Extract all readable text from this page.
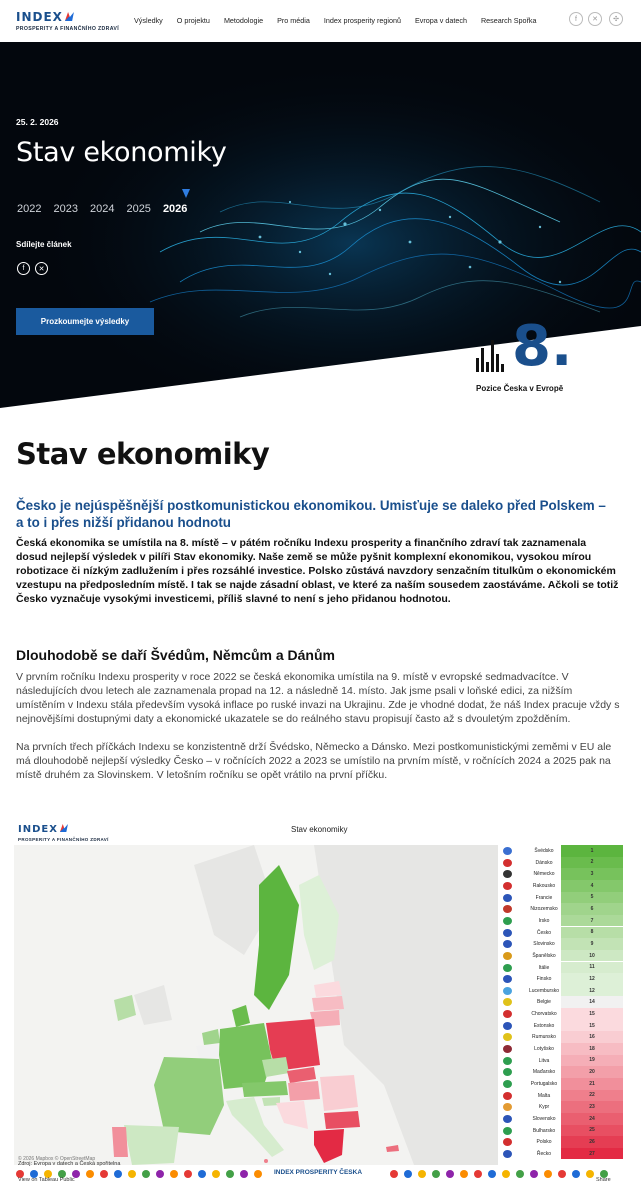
INDEX
PROSPERITY A FINANČNÍHO ZDRAVÍ
Výsledky O projektu Metodologie Pro média Index prosperity regionů Evropa v datech Research Spořka	f	✕	✣
25. 2. 2026
Stav ekonomiky
2022 2023 2024 2025 2026
Sdílejte článek
f	✕
Prozkoumejte výsledky	8.
Pozice Česka v Evropě
Stav ekonomiky
Česko je nejúspěšnější postkomunistickou ekonomikou. Umisťuje se daleko před Polskem – a to i přes nižší přidanou hodnotu
Česká ekonomika se umístila na 8. místě – v pátém ročníku Indexu prosperity a finančního zdraví tak zaznamenala dosud nejlepší výsledek v pilíři Stav ekonomiky. Naše země se může pyšnit komplexní ekonomikou, vysokou mírou robotizace či nízkým zadlužením i přes rozsáhlé investice. Polsko zůstává navzdory senzačním titulkům o ekonomickém vzestupu na předposledním místě. I tak se najde zásadní oblast, ve které za naším sousedem zaostáváme. Ačkoli se totiž Česko vyznačuje vysokými investicemi, příliš slavné to není s jeho přidanou hodnotou.
Dlouhodobě se daří Švédům, Němcům a Dánům
V prvním ročníku Indexu prosperity v roce 2022 se česká ekonomika umístila na 9. místě v evropské sedmadvacítce. V následujících dvou letech ale zaznamenala propad na 12. a následně 14. místo. Jak jsme psali v loňské edici, za nižším umístěním v Indexu stála především vysoká inflace po ruské invazi na Ukrajinu. Zde je vhodné dodat, že náš Index pracuje vždy s nejnovějšími dostupnými daty a ekonomické ukazatele se do reálného stavu propisují často až s dvouletým zpožděním.
Na prvních třech příčkách Indexu se konzistentně drží Švédsko, Německo a Dánsko. Mezi postkomunistickými zeměmi v EU ale má dlouhodobě nejlepší výsledky Česko – v ročnících 2022 a 2023 se umístilo na prvním místě, v ročnících 2024 a 2025 pak na místě druhém za Slovinskem. V letošním ročníku se opět vrátilo na první příčku.
INDEX
PROSPERITY A FINANČNÍHO ZDRAVÍ
Stav ekonomiky
© 2026 Mapbox © OpenStreetMap
Švédsko	1
Dánsko	2
Německo	3
Rakousko	4
Francie	5
Nizozemsko	6
Irsko	7
Česko	8
Slovinsko	9
Španělsko	10
Itálie	11
Finsko	12
Lucembursko	12
Belgie	14
Chorvatsko	15
Estonsko	15
Rumunsko	16
Lotyšsko	18
Litva	19
Maďarsko	20
Portugalsko	21
Malta	22
Kypr	23
Slovensko	24
Bulharsko	25
Polsko	26
Řecko	27
Zdroj: Evropa v datech a Česká spořitelna
INDEX PROSPERITY ČESKA
View on Tableau Public	Share
